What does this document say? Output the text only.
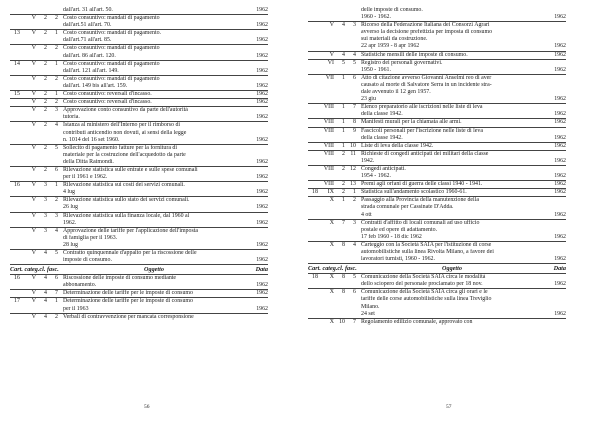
dall'art. 31 all'art. 50.	1962
V	2	2 Costo consuntivo: mandati di pagamento
dall'art.51 all'art. 70.	1962
13	V	2	1 Costo consuntivo: mandati di pagamento.
dall'art.71 all'art. 85.	1962
V	2	2 Costo consuntivo: mandati di pagamento
dall'art. 86 all'art. 120.	1962
14	V	2	1 Costo consuntivo: mandati di pagamento
dall'art. 121 all'art. 149.	1962
V	2	2 Costo consuntivo: mandati di pagamento
dall'art. 149 bis all'art. 159.	1962
15	V	2	1 Costo consuntivo: reversali d'incasso.	1962
V	2	2 Costo consuntivo: reversali d'incasso.	1962
V	2	3 Approvazione conto consuntivo da parte dell'autorità
tutoria.	1962
V	2	4 Istanza al ministero dell'Interno per il rimborso di
contributi anticendio non dovuti, ai sensi della legge
n. 1014 del 16 set 1960.	1962
V	2	5 Sollecito di pagamento fatture per la fornitura di
materiale per la costruzione dell'acquedotto da parte
della Ditta Raimondi.	1962
V	2	6 Rilevazione statistica sulle entrate e sulle spese comunali
per il 1961 e 1962.	1962
16	V	3	1 Rilevazione statistica sui costi dei servizi comunali.
4 lug	1962
V	3	2 Rilevazione statistica sullo stato dei servizi comunali.
26 lug	1962
V	3	3 Rilevazione statistica sulla finanza locale, dal 1960 al
1962.	1962
V	3	4 Approvazione delle tariffe per l'applicazione dell'imposta
di famiglia per il 1963.
28 lug	1962
V	4	5 Contratto quinquennale d'appalto per la riscossione delle
imposte di consumo.	1962
Cart. categ.cl. fasc.	Oggetto	Data
16	V	4	6 Riscossione delle imposte di consumo mediante
abbonamento.	1962
V	4	7 Determinazione delle tariffe per le imposte di consumo	1962
17	V	4	1 Determinazione delle tariffe per le imposte di consumo
per il 1963	1962
V	4	2 Verbali di contravvenzione per mancata corresponsione
56
delle imposte di consumo.
1960 - 1962.	1962
V	4	3 Ricorso della Federazione Italiana dei Consorzi Agrari
avverso la decisione prefettizia per imposta di consumo
sui materiali da costruzione.
22 apr 1959 - 8 apr 1962	1962
V	4	4 Statistiche mensili delle imposte di consumo.	1962
VI	5	5 Registro dei personali governativi.
1950 - 1961.	1962
VII	1	6 Atto di citazione avverso Giovanni Anselmi reo di aver
causato al morte di Salvatore Serra in un incidente stra-
dale avvenuto il 12 gen 1957.
23 giu	1962
VIII	1	7 Elenco preparatorio alle iscrizioni nelle liste di leva
della classe 1942.	1962
VIII	1	8 Manifesti murali per la chiamata alle armi.	1962
VIII	1	9 Fascicoli personali per l'iscrizione nelle liste di leva
della classe 1942.	1962
VIII	1 10 Liste di leva della classe 1942.	1962
VIII	2 11 Richieste di congedi anticipati dei militari della classe
1942.	1962
VIII	2 12 Congedi anticipati.
1954 - 1962.	1962
VIII	2 13 Premi agli orfani di guerra delle classi 1940 - 1941.	1962
18	IX	2	1 Statistica sull'andamento scolastico 1960-61.	1962
X	1	2 Passaggio alla Provincia della manutenzione della
strada comunale per Cassinate D'Adda.
4 ott	1962
X	7	3 Contratti d'affitto di locali comunali ad uso ufficio
postale ed opere di adattamento.
17 feb 1960 - 18 dic 1962	1962
X	8	4 Carteggio con la Società SAIA per l'istituzione di corse
automobilistiche sulla linea Rivolta Milano, a favore dei
lavoratori turnisti, 1960 - 1962.	1962
Cart. categ.cl. fasc.	Oggetto	Data
18	X	8	5 Comunicazione della Società SAIA circa le modalità
dello sciopero del personale proclamato per 18 nov.	1962
X	8	6 Comunicazione della Società SAIA circa gli orari e le
tariffe delle corse automobilistiche sulla linea Treviglio
Milano.
24 set	1962
X 10	7 Regolamento edilizio comunale, approvato con
57
